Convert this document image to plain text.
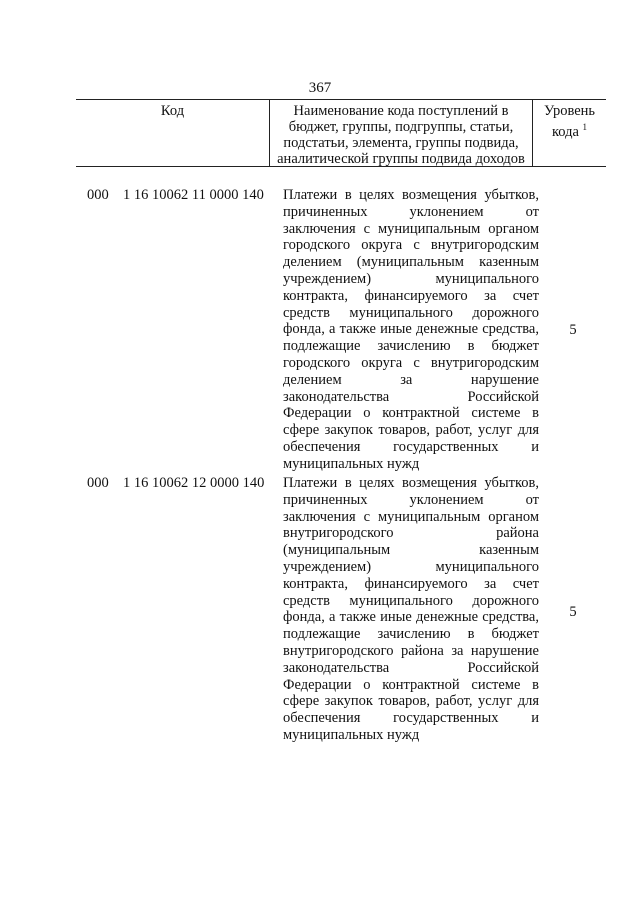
367
Код	Наименование кода поступлений в
бюджет, группы, подгруппы, статьи,
подстатьи, элемента, группы подвида,
аналитической группы подвида доходов
Уровень
кода $^1$
000 1 16 10062 11 0000 140 Платежи в целях возмещения убытков,
причиненных уклонением от
заключения с муниципальным органом
городского округа с внутригородским
делением (муниципальным казенным
учреждением) муниципального
контракта, финансируемого за счет
средств муниципального дорожного
фонда, а также иные денежные средства,
подлежащие зачислению в бюджет
городского округа с внутригородским
делением за нарушение
законодательства Российской
Федерации о контрактной системе в
сфере закупок товаров, работ, услуг для
обеспечения государственных и
муниципальных нужд
5
000 1 16 10062 12 0000 140 Платежи в целях возмещения убытков,
причиненных уклонением от
заключения с муниципальным органом
внутригородского района
(муниципальным казенным
учреждением) муниципального
контракта, финансируемого за счет
средств муниципального дорожного
фонда, а также иные денежные средства,
подлежащие зачислению в бюджет
внутригородского района за нарушение
законодательства Российской
Федерации о контрактной системе в
сфере закупок товаров, работ, услуг для
обеспечения государственных и
муниципальных нужд
5
